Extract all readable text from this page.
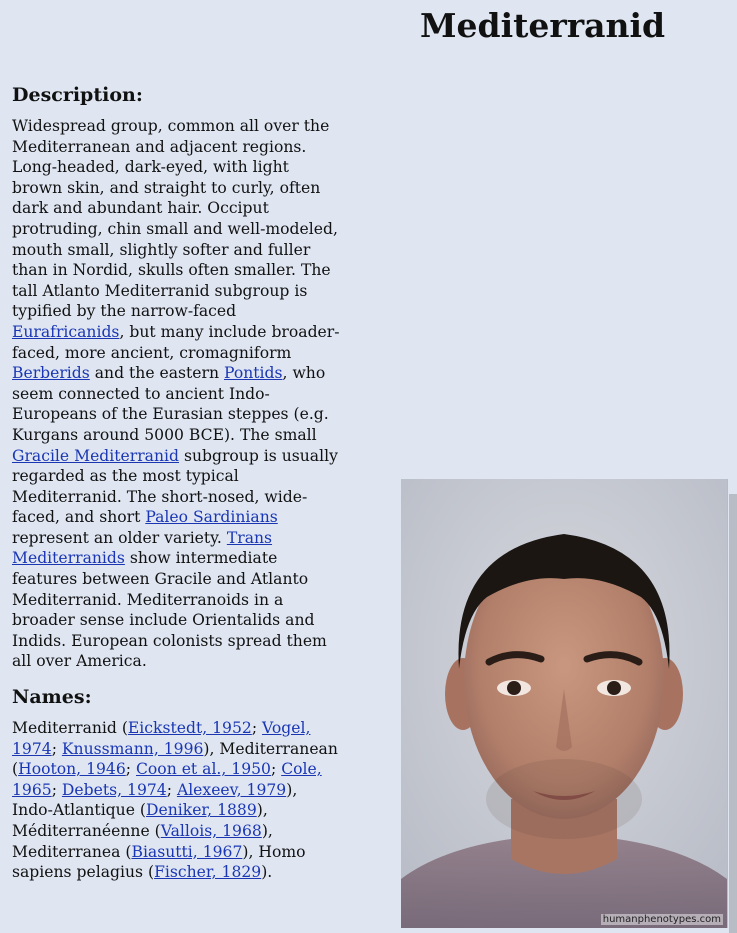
Mediterranid
Description:

Widespread group, common all over the Mediterranean and adjacent regions. Long-headed, dark-eyed, with light brown skin, and straight to curly, often dark and abundant hair. Occiput protruding, chin small and well-modeled, mouth small, slightly softer and fuller than in Nordid, skulls often smaller. The tall Atlanto Mediterranid subgroup is typified by the narrow-faced Eurafricanids, but many include broader-faced, more ancient, cromagniform Berberids and the eastern Pontids, who seem connected to ancient Indo-Europeans of the Eurasian steppes (e.g. Kurgans around 5000 BCE). The small Gracile Mediterranid subgroup is usually regarded as the most typical Mediterranid. The short-nosed, wide-faced, and short Paleo Sardinians represent an older variety. Trans Mediterranids show intermediate features between Gracile and Atlanto Mediterranid. Mediterranoids in a broader sense include Orientalids and Indids. European colonists spread them all over America.

Names:

Mediterranid (Eickstedt, 1952; Vogel, 1974; Knussmann, 1996), Mediterranean (Hooton, 1946; Coon et al., 1950; Cole, 1965; Debets, 1974; Alexeev, 1979), Indo-Atlantique (Deniker, 1889), Méditerranéenne (Vallois, 1968), Mediterranea (Biasutti, 1967), Homo sapiens pelagius (Fischer, 1829).

humanphenotypes.com
